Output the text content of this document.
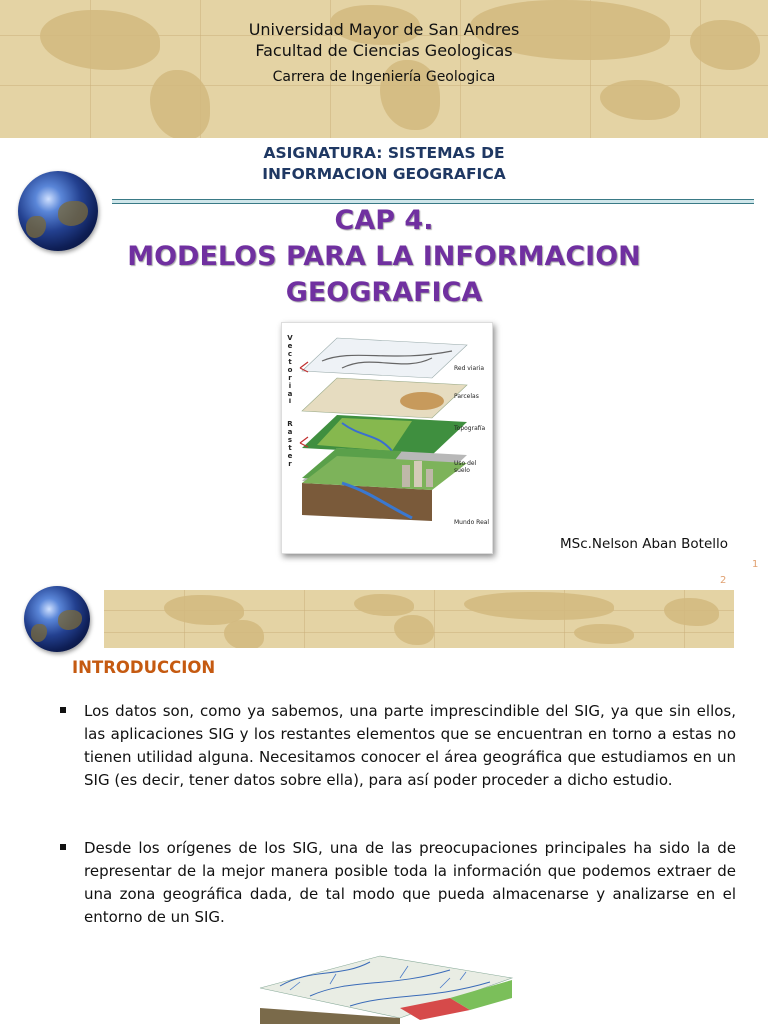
Universidad Mayor de San Andres
Facultad de Ciencias Geologicas
Carrera de Ingeniería Geologica
ASIGNATURA: SISTEMAS DE
INFORMACION GEOGRAFICA
CAP 4.
MODELOS PARA LA INFORMACION
GEOGRAFICA
V e c t o r i a l
R a s t e r
Red viaria
Parcelas
Topografía
Uso del suelo
Mundo Real
MSc.Nelson Aban Botello
1
2
INTRODUCCION
Los datos son, como ya sabemos, una parte imprescindible del SIG, ya que sin ellos, las aplicaciones SIG y los restantes elementos que se encuentran en torno a estas no tienen utilidad alguna. Necesitamos conocer el área geográfica que estudiamos en un SIG (es decir, tener datos sobre ella), para así poder proceder a dicho estudio.
Desde los orígenes de los SIG, una de las preocupaciones principales ha sido la de representar de la mejor manera posible toda la información que podemos extraer de una zona geográfica dada, de tal modo que pueda almacenarse y analizarse en el entorno de un SIG.
